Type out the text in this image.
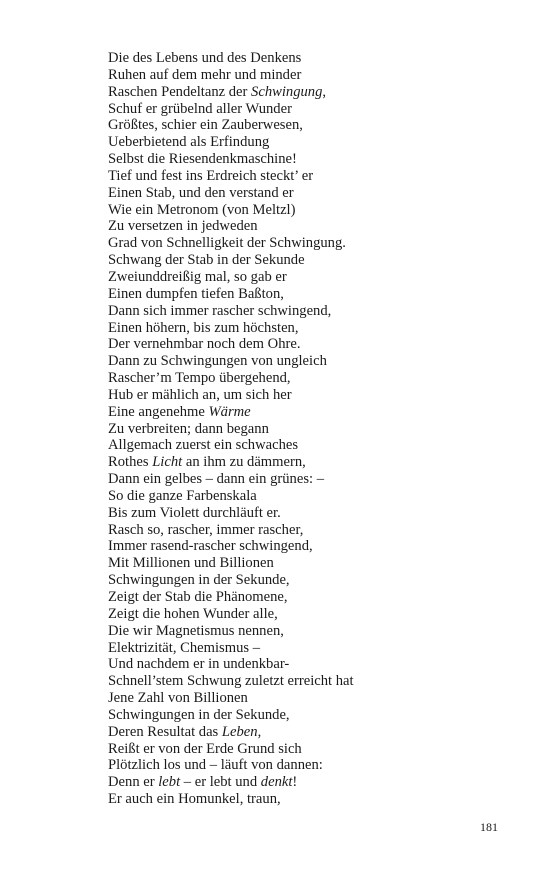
Die des Lebens und des Denkens
Ruhen auf dem mehr und minder
Raschen Pendeltanz der Schwingung,
Schuf er grübelnd aller Wunder
Größtes, schier ein Zauberwesen,
Ueberbietend als Erfindung
Selbst die Riesendenkmaschine!
Tief und fest ins Erdreich steckt’ er
Einen Stab, und den verstand er
Wie ein Metronom (von Meltzl)
Zu versetzen in jedweden
Grad von Schnelligkeit der Schwingung.
Schwang der Stab in der Sekunde
Zweiunddreißig mal, so gab er
Einen dumpfen tiefen Baßton,
Dann sich immer rascher schwingend,
Einen höhern, bis zum höchsten,
Der vernehmbar noch dem Ohre.
Dann zu Schwingungen von ungleich
Rascher’m Tempo übergehend,
Hub er mählich an, um sich her
Eine angenehme Wärme
Zu verbreiten; dann begann
Allgemach zuerst ein schwaches
Rothes Licht an ihm zu dämmern,
Dann ein gelbes – dann ein grünes: –
So die ganze Farbenskala
Bis zum Violett durchläuft er.
Rasch so, rascher, immer rascher,
Immer rasend-rascher schwingend,
Mit Millionen und Billionen
Schwingungen in der Sekunde,
Zeigt der Stab die Phänomene,
Zeigt die hohen Wunder alle,
Die wir Magnetismus nennen,
Elektrizität, Chemismus –
Und nachdem er in undenkbar-
Schnell’stem Schwung zuletzt erreicht hat
Jene Zahl von Billionen
Schwingungen in der Sekunde,
Deren Resultat das Leben,
Reißt er von der Erde Grund sich
Plötzlich los und – läuft von dannen:
Denn er lebt – er lebt und denkt!
Er auch ein Homunkel, traun,
181
